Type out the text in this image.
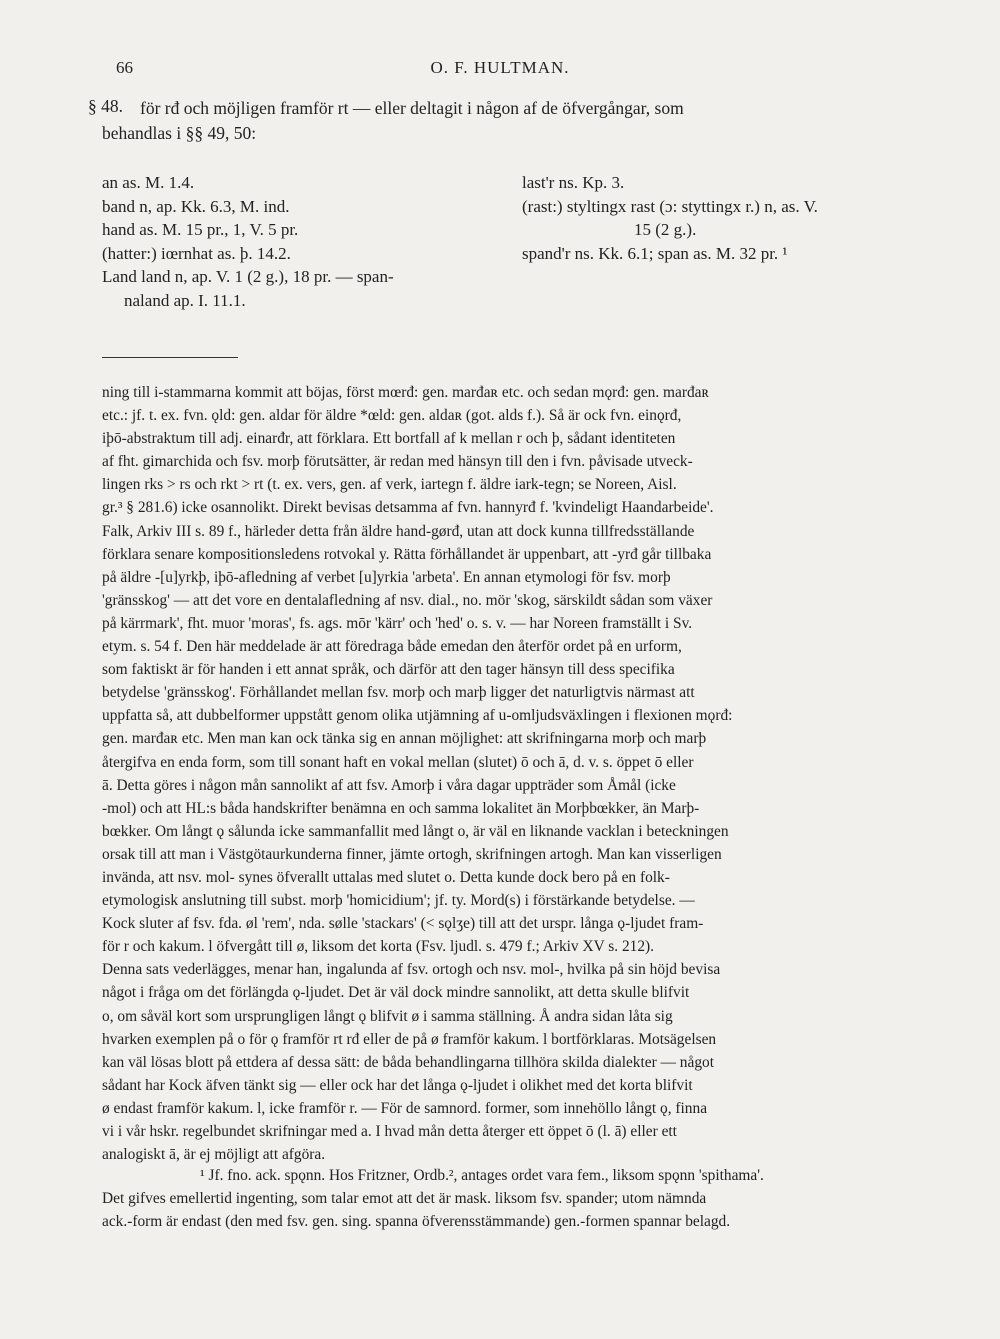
66	O. F. HULTMAN.
§ 48. för rđ och möjligen framför rt — eller deltagit i någon af de öfvergångar, som
behandlas i §§ 49, 50:
an as. M. 1.4.
band n, ap. Kk. 6.3, M. ind.
hand as. M. 15 pr., 1, V. 5 pr.
(hatter:) iœrnhat as. þ. 14.2.
Land land n, ap. V. 1 (2 g.), 18 pr. — span-
naland ap. I. 11.1.
last'r ns. Kp. 3.
(rast:) styltingx rast (ɔ: styttingx r.) n, as. V.
15 (2 g.).
spand'r ns. Kk. 6.1; span as. M. 32 pr. ¹

ning till i-stammarna kommit att böjas, först mœrđ: gen. marđaʀ etc. och sedan mǫrđ: gen. marđaʀ

etc.: jf. t. ex. fvn. ǫld: gen. aldar för äldre *œld: gen. aldaʀ (got. alds f.). Så är ock fvn. einǫrđ,

iþō-abstraktum till adj. einarđr, att förklara. Ett bortfall af k mellan r och þ, sådant identiteten

af fht. gimarchida och fsv. morþ förutsätter, är redan med hänsyn till den i fvn. påvisade utveck-

lingen rks > rs och rkt > rt (t. ex. vers, gen. af verk, iartegn f. äldre iark-tegn; se Noreen, Aisl.

gr.³ § 281.6) icke osannolikt. Direkt bevisas detsamma af fvn. hannyrđ f. 'kvindeligt Haandarbeide'.

Falk, Arkiv III s. 89 f., härleder detta från äldre hand-gørđ, utan att dock kunna tillfredsställande

förklara senare kompositionsledens rotvokal y. Rätta förhållandet är uppenbart, att -yrđ går tillbaka

på äldre -[u]yrkþ, iþō-afledning af verbet [u]yrkia 'arbeta'. En annan etymologi för fsv. morþ

'gränsskog' — att det vore en dentalafledning af nsv. dial., no. mör 'skog, särskildt sådan som växer

på kärrmark', fht. muor 'moras', fs. ags. mōr 'kärr' och 'hed' o. s. v. — har Noreen framställt i Sv.

etym. s. 54 f. Den här meddelade är att föredraga både emedan den återför ordet på en urform,

som faktiskt är för handen i ett annat språk, och därför att den tager hänsyn till dess specifika

betydelse 'gränsskog'. Förhållandet mellan fsv. morþ och marþ ligger det naturligtvis närmast att

uppfatta så, att dubbelformer uppstått genom olika utjämning af u-omljudsväxlingen i flexionen mǫrđ:

gen. marđaʀ etc. Men man kan ock tänka sig en annan möjlighet: att skrifningarna morþ och marþ

återgifva en enda form, som till sonant haft en vokal mellan (slutet) ō och ā, d. v. s. öppet ō eller

ā. Detta göres i någon mån sannolikt af att fsv. Amorþ i våra dagar uppträder som Åmål (icke

-mol) och att HL:s båda handskrifter benämna en och samma lokalitet än Morþbœkker, än Marþ-

bœkker. Om långt ǫ sålunda icke sammanfallit med långt o, är väl en liknande vacklan i beteckningen

orsak till att man i Västgötaurkunderna finner, jämte ortogh, skrifningen artogh. Man kan visserligen

invända, att nsv. mol- synes öfverallt uttalas med slutet o. Detta kunde dock bero på en folk-

etymologisk anslutning till subst. morþ 'homicidium'; jf. ty. Mord(s) i förstärkande betydelse. —

Kock sluter af fsv. fda. øl 'rem', nda. sølle 'stackars' (< sǫlʒe) till att det urspr. långa ǫ-ljudet fram-

för r och kakum. l öfvergått till ø, liksom det korta (Fsv. ljudl. s. 479 f.; Arkiv XV s. 212).

Denna sats vederlägges, menar han, ingalunda af fsv. ortogh och nsv. mol-, hvilka på sin höjd bevisa

något i fråga om det förlängda ǫ-ljudet. Det är väl dock mindre sannolikt, att detta skulle blifvit

o, om såväl kort som ursprungligen långt ǫ blifvit ø i samma ställning. Å andra sidan låta sig

hvarken exemplen på o för ǫ framför rt rđ eller de på ø framför kakum. l bortförklaras. Motsägelsen

kan väl lösas blott på ettdera af dessa sätt: de båda behandlingarna tillhöra skilda dialekter — något

sådant har Kock äfven tänkt sig — eller ock har det långa ǫ-ljudet i olikhet med det korta blifvit

ø endast framför kakum. l, icke framför r. — För de samnord. former, som innehöllo långt ǫ, finna

vi i vår hskr. regelbundet skrifningar med a. I hvad mån detta återger ett öppet ō (l. ā) eller ett

analogiskt ā, är ej möjligt att afgöra.

¹ Jf. fno. ack. spǫnn. Hos Fritzner, Ordb.², antages ordet vara fem., liksom spǫnn 'spithama'.

Det gifves emellertid ingenting, som talar emot att det är mask. liksom fsv. spander; utom nämnda

ack.-form är endast (den med fsv. gen. sing. spanna öfverensstämmande) gen.-formen spannar belagd.
